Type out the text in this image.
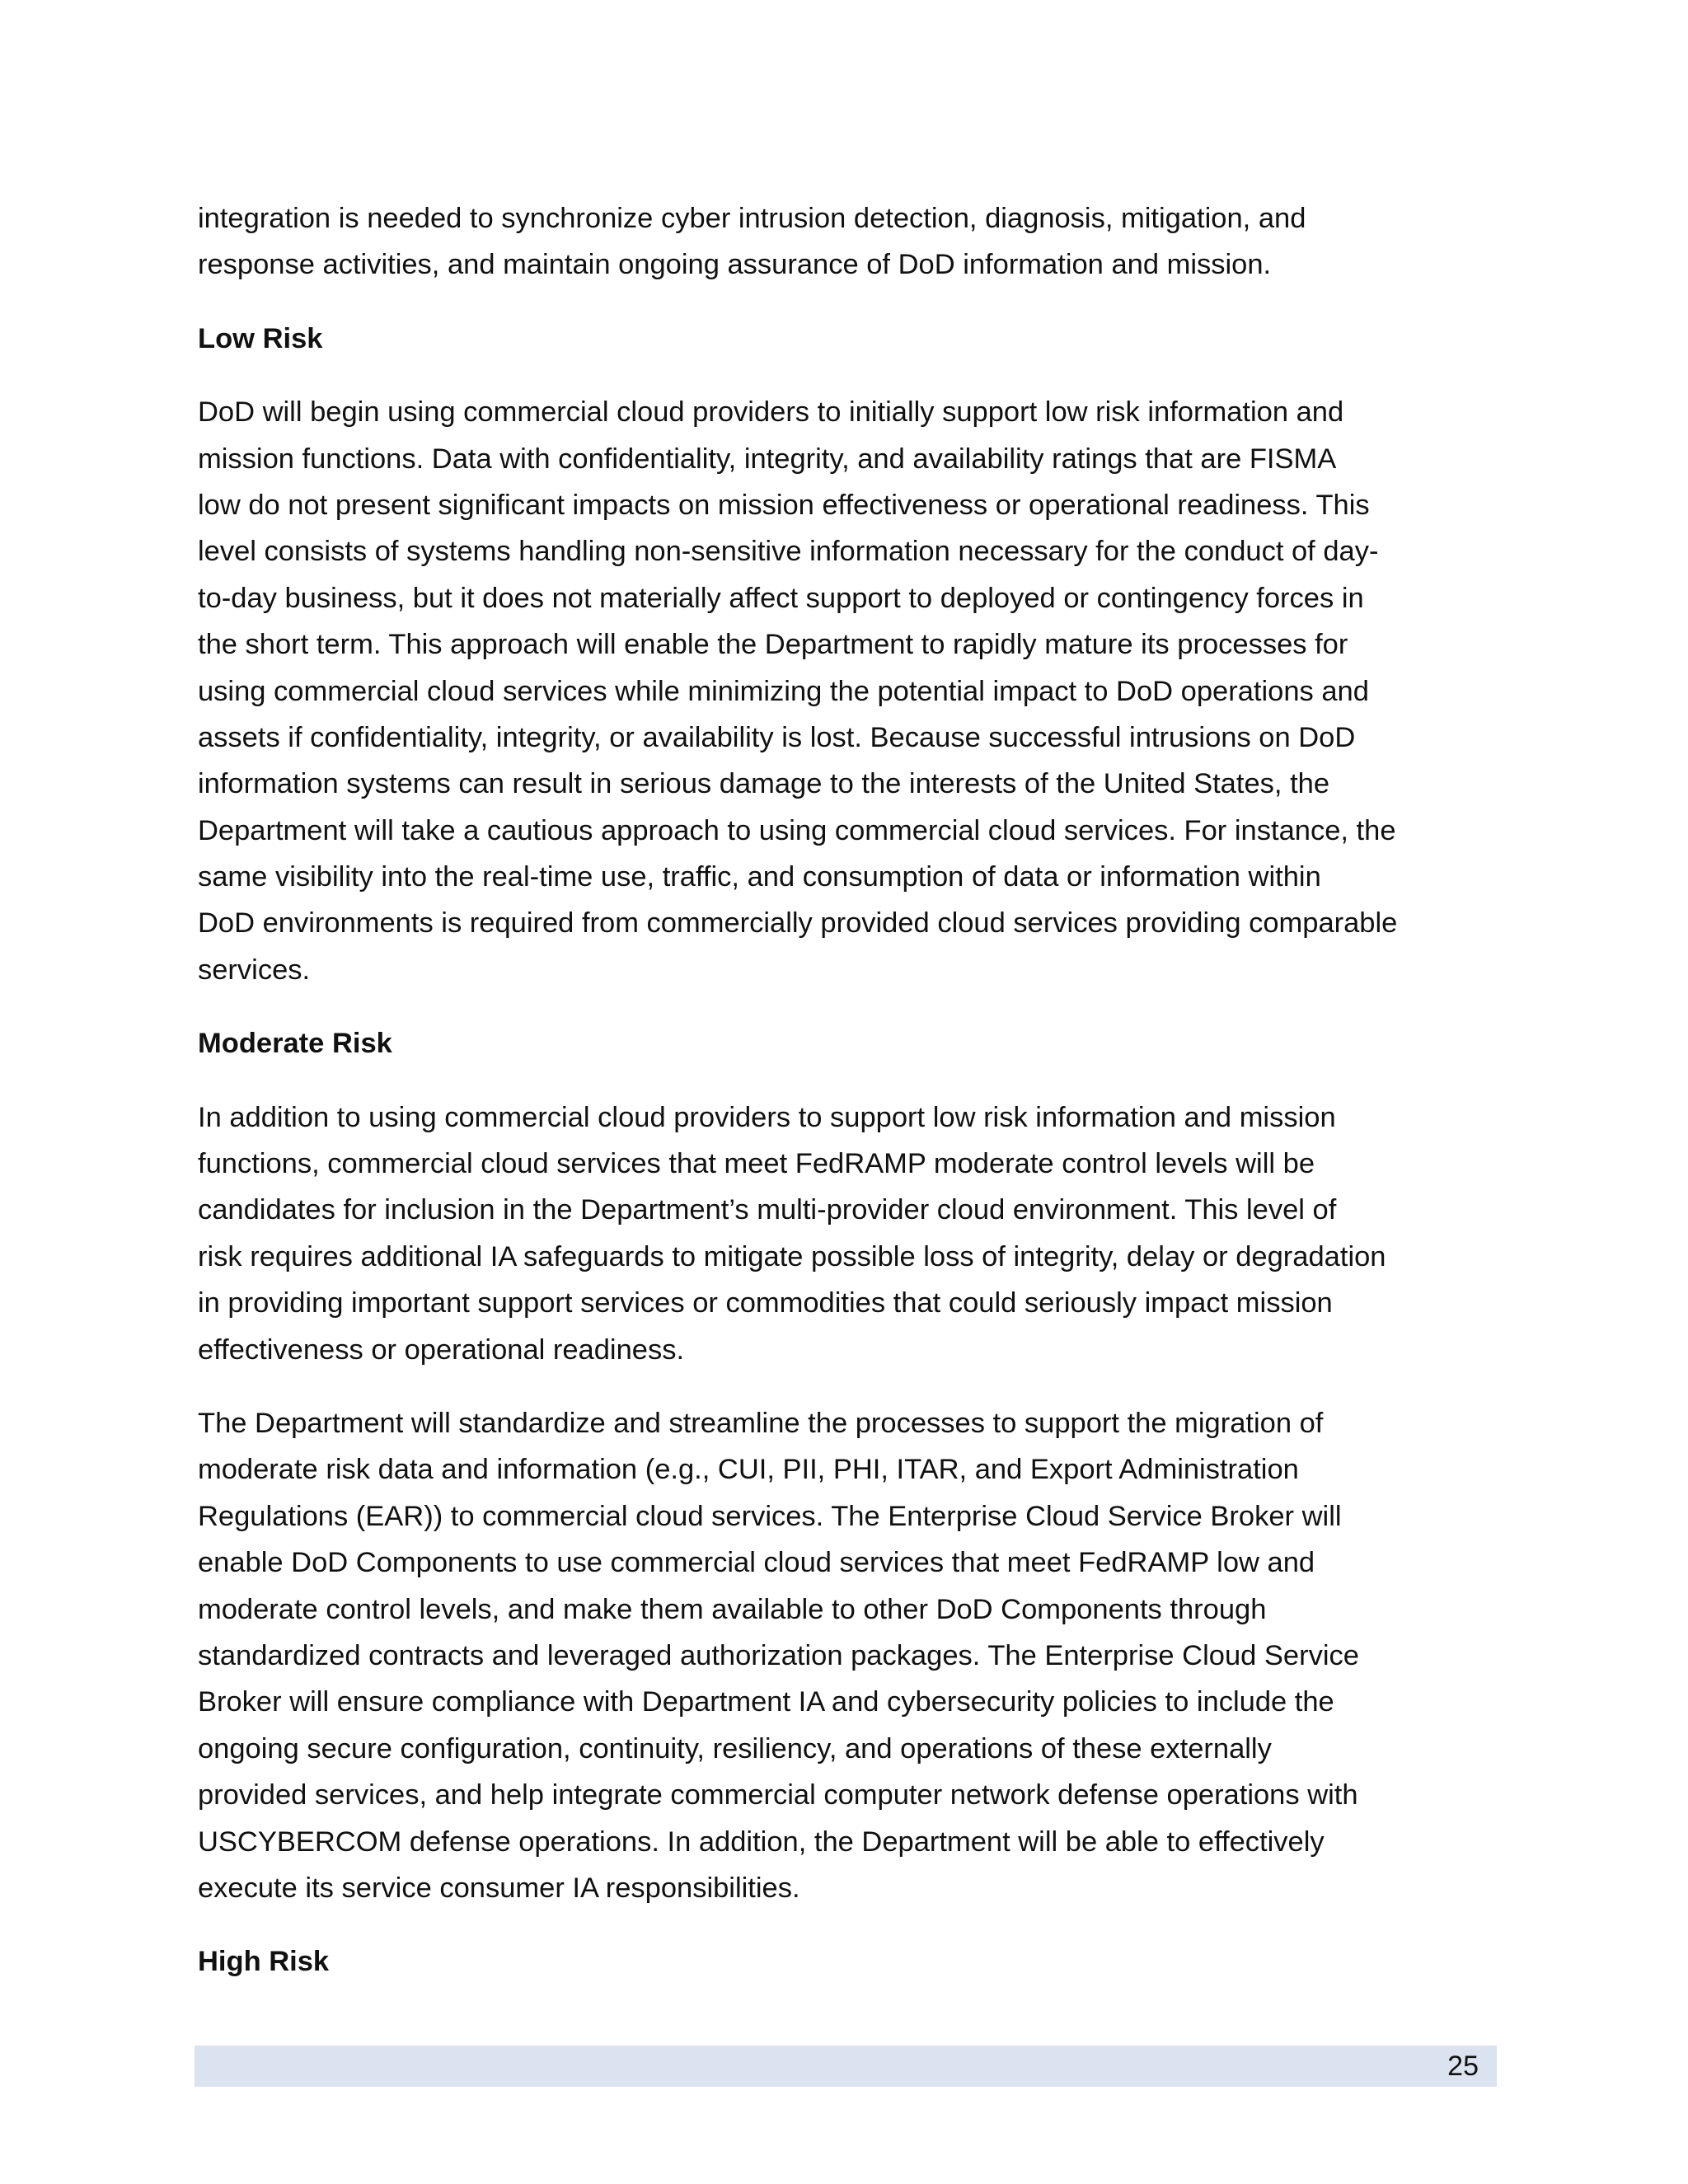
integration is needed to synchronize cyber intrusion detection, diagnosis, mitigation, and
response activities, and maintain ongoing assurance of DoD information and mission.
Low Risk
DoD will begin using commercial cloud providers to initially support low risk information and
mission functions. Data with confidentiality, integrity, and availability ratings that are FISMA
low do not present significant impacts on mission effectiveness or operational readiness. This
level consists of systems handling non-sensitive information necessary for the conduct of day-
to-day business, but it does not materially affect support to deployed or contingency forces in
the short term. This approach will enable the Department to rapidly mature its processes for
using commercial cloud services while minimizing the potential impact to DoD operations and
assets if confidentiality, integrity, or availability is lost. Because successful intrusions on DoD
information systems can result in serious damage to the interests of the United States, the
Department will take a cautious approach to using commercial cloud services. For instance, the
same visibility into the real-time use, traffic, and consumption of data or information within
DoD environments is required from commercially provided cloud services providing comparable
services.
Moderate Risk
In addition to using commercial cloud providers to support low risk information and mission
functions, commercial cloud services that meet FedRAMP moderate control levels will be
candidates for inclusion in the Department’s multi-provider cloud environment. This level of
risk requires additional IA safeguards to mitigate possible loss of integrity, delay or degradation
in providing important support services or commodities that could seriously impact mission
effectiveness or operational readiness.
The Department will standardize and streamline the processes to support the migration of
moderate risk data and information (e.g., CUI, PII, PHI, ITAR, and Export Administration
Regulations (EAR)) to commercial cloud services. The Enterprise Cloud Service Broker will
enable DoD Components to use commercial cloud services that meet FedRAMP low and
moderate control levels, and make them available to other DoD Components through
standardized contracts and leveraged authorization packages. The Enterprise Cloud Service
Broker will ensure compliance with Department IA and cybersecurity policies to include the
ongoing secure configuration, continuity, resiliency, and operations of these externally
provided services, and help integrate commercial computer network defense operations with
USCYBERCOM defense operations. In addition, the Department will be able to effectively
execute its service consumer IA responsibilities.
High Risk
25
